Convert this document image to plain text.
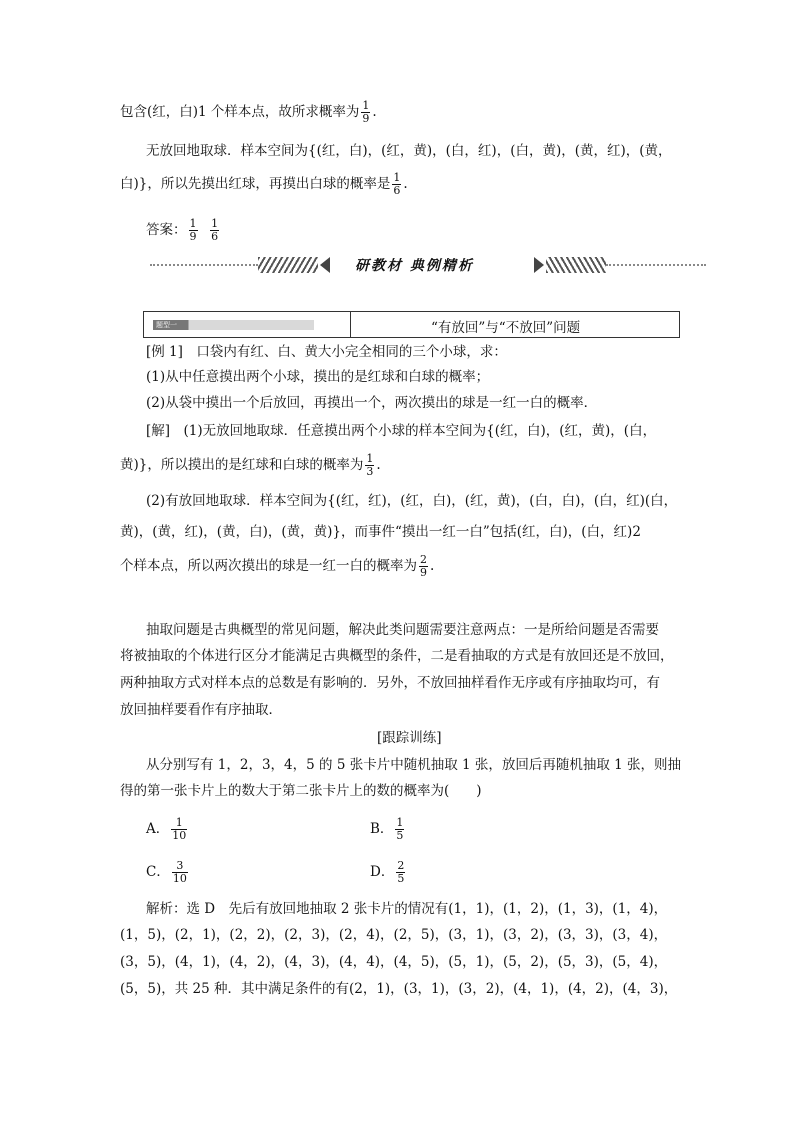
包含(红，白)1 个样本点，故所求概率为 $\frac{1}{9}$ .
无放回地取球．样本空间为{(红，白)，(红，黄)，(白，红)，(白，黄)，(黄，红)，(黄，
白)}，所以先摸出红球，再摸出白球的概率是 $\frac{1}{6}$ .
答案： $\frac{1}{9}$
$\frac{1}{6}$
研教材 典例精析
题型一	“有放回”与“不放回”问题
[例 1]　口袋内有红、白、黄大小完全相同的三个小球，求：
(1)从中任意摸出两个小球，摸出的是红球和白球的概率；
(2)从袋中摸出一个后放回，再摸出一个，两次摸出的球是一红一白的概率．
[解]　(1)无放回地取球．任意摸出两个小球的样本空间为{(红，白)，(红，黄)，(白，
黄)}，所以摸出的是红球和白球的概率为 $\frac{1}{3}$ .
(2)有放回地取球．样本空间为{(红，红)，(红，白)，(红，黄)，(白，白)，(白，红)(白，
黄)，(黄，红)，(黄，白)，(黄，黄)}，而事件“摸出一红一白”包括(红，白)，(白，红)2
个样本点，所以两次摸出的球是一红一白的概率为 $\frac{2}{9}$ .
抽取问题是古典概型的常见问题，解决此类问题需要注意两点：一是所给问题是否需要
将被抽取的个体进行区分才能满足古典概型的条件，二是看抽取的方式是有放回还是不放回，
两种抽取方式对样本点的总数是有影响的．另外，不放回抽样看作无序或有序抽取均可，有
放回抽样要看作有序抽取．
[跟踪训练]
从分别写有 1，2，3，4，5 的 5 张卡片中随机抽取 1 张，放回后再随机抽取 1 张，则抽
得的第一张卡片上的数大于第二张卡片上的数的概率为(　　)
A． $\frac{1}{10}$	B． $\frac{1}{5}$
C． $\frac{3}{10}$	D． $\frac{2}{5}$
解析：选 D　先后有放回地抽取 2 张卡片的情况有(1，1)，(1，2)，(1，3)，(1，4)，
(1，5)，(2，1)，(2，2)，(2，3)，(2，4)，(2，5)，(3，1)，(3，2)，(3，3)，(3，4)，
(3，5)，(4，1)，(4，2)，(4，3)，(4，4)，(4，5)，(5，1)，(5，2)，(5，3)，(5，4)，
(5，5)，共 25 种．其中满足条件的有(2，1)，(3，1)，(3，2)，(4，1)，(4，2)，(4，3)，
